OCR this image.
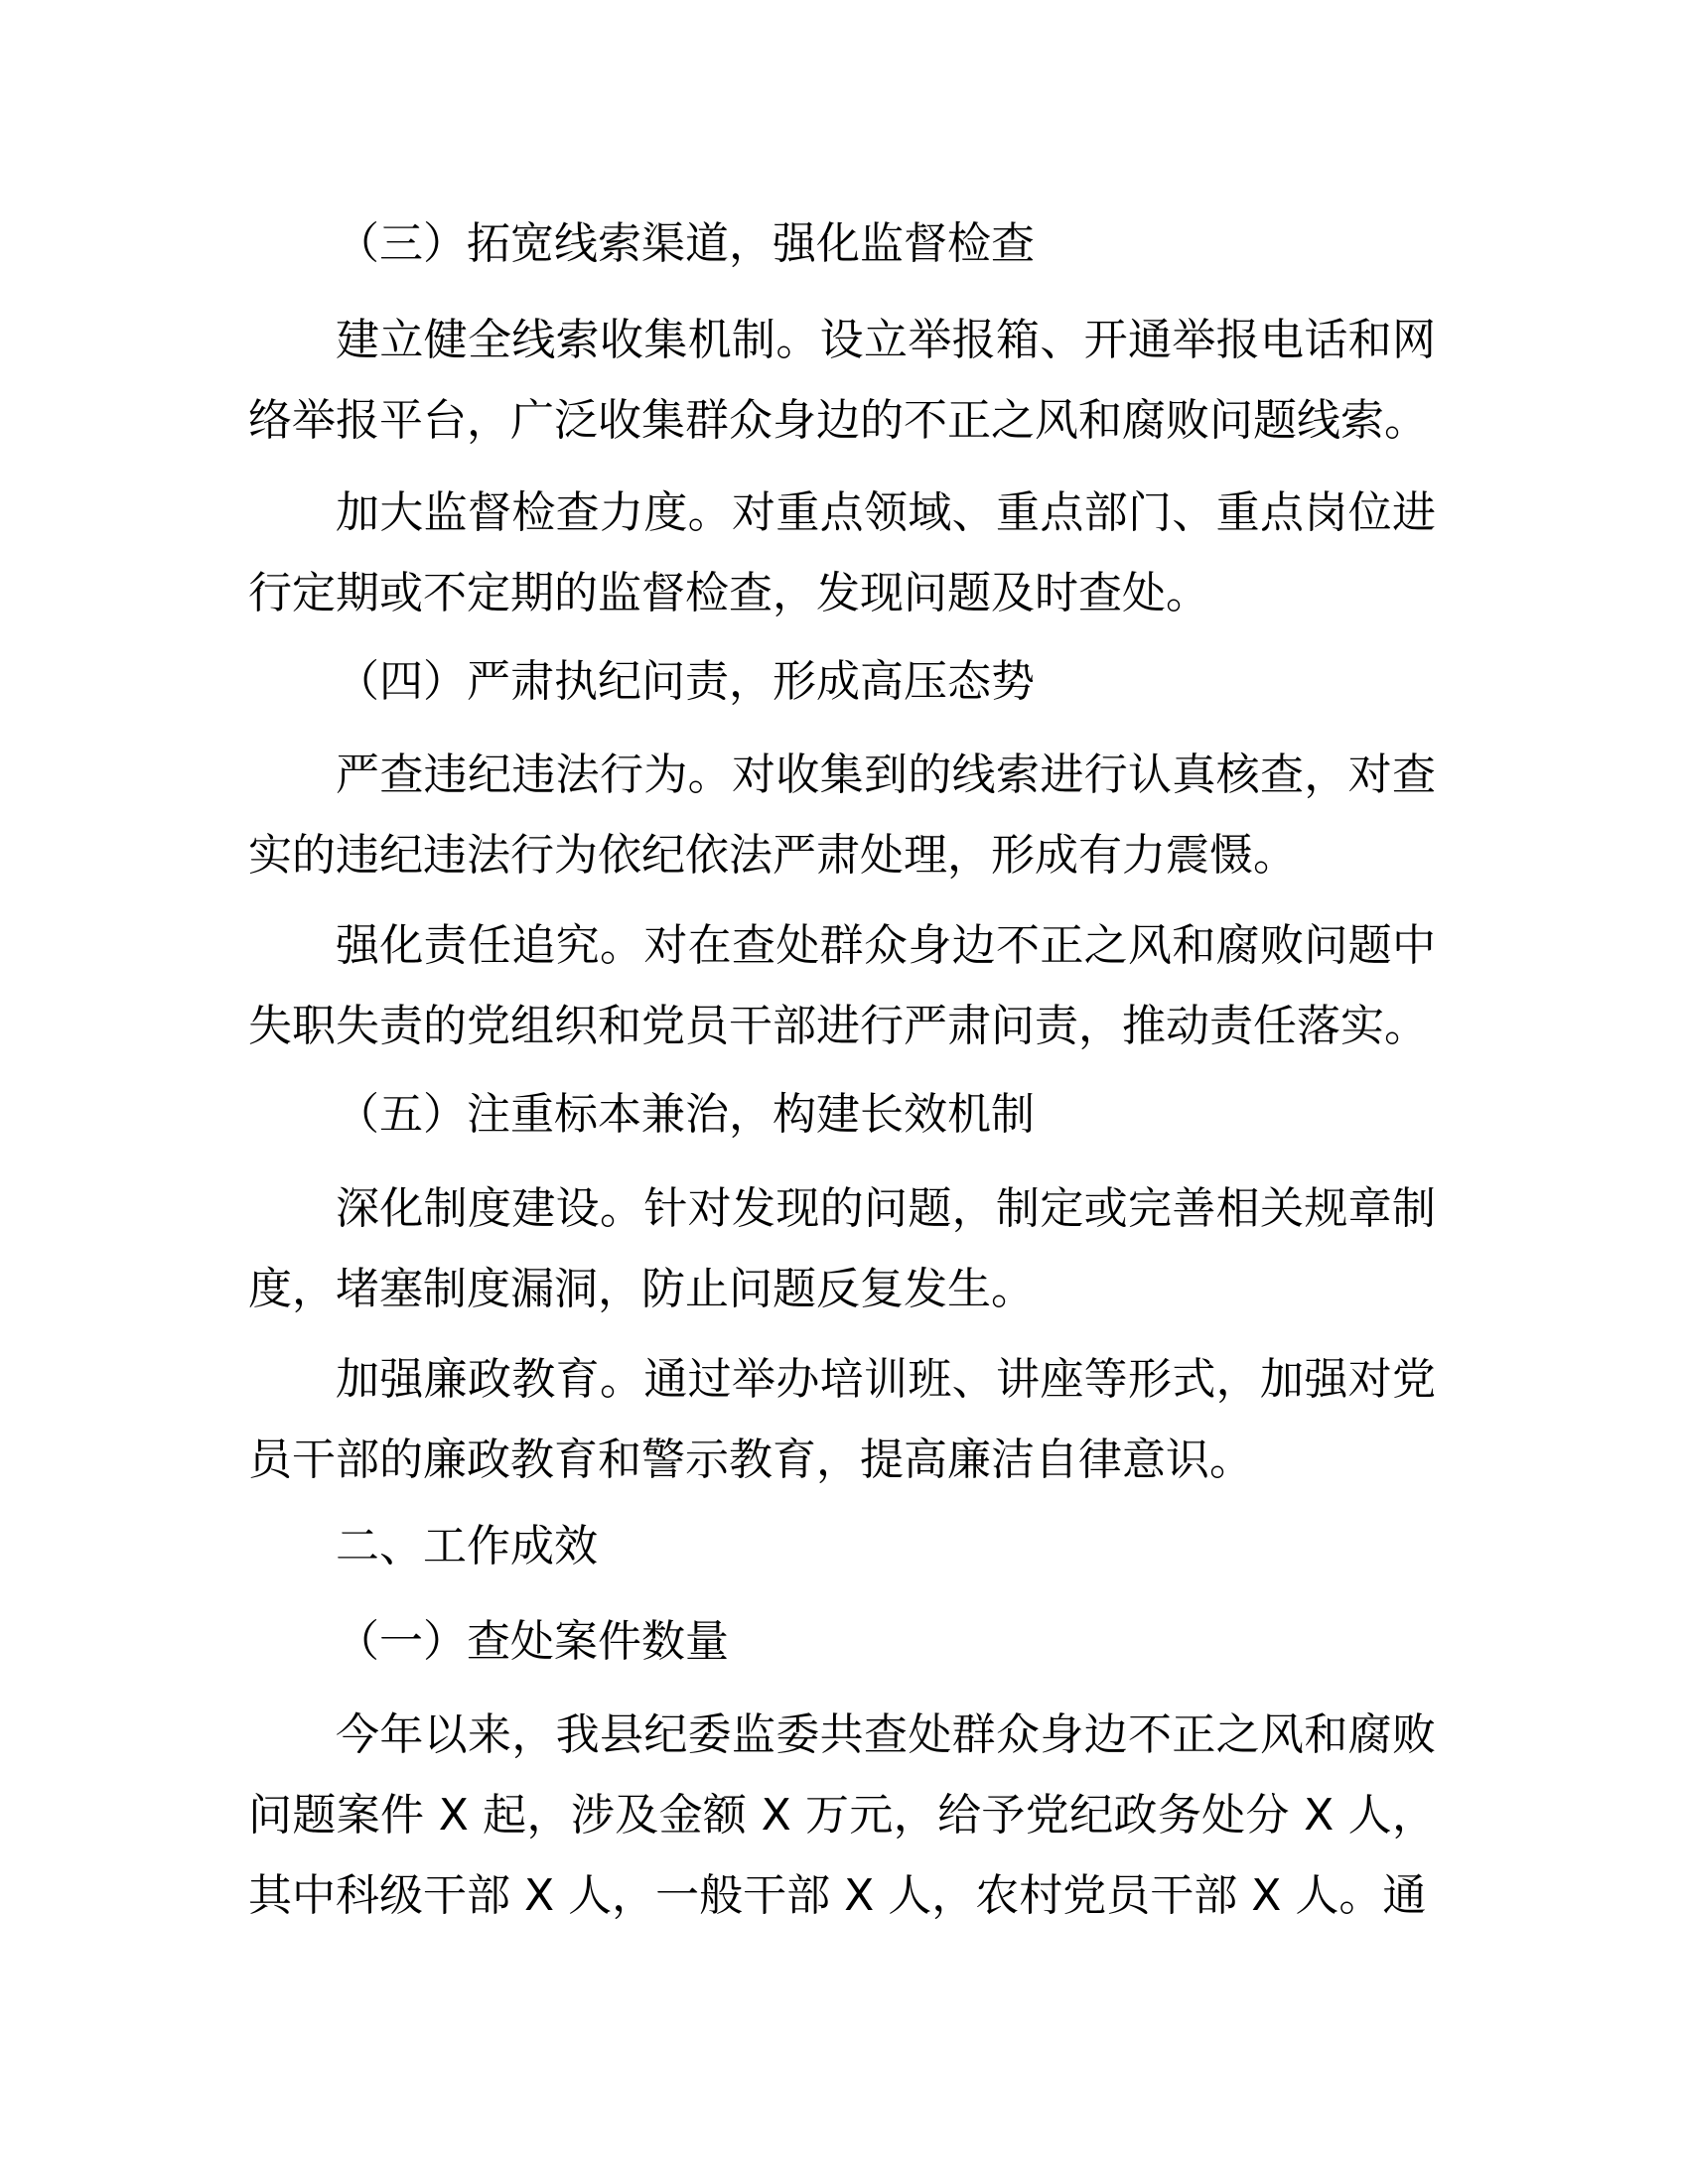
（三）拓宽线索渠道，强化监督检查

建立健全线索收集机制。设立举报箱、开通举报电话和网络举报平台，广泛收集群众身边的不正之风和腐败问题线索。

加大监督检查力度。对重点领域、重点部门、重点岗位进行定期或不定期的监督检查，发现问题及时查处。

（四）严肃执纪问责，形成高压态势

严查违纪违法行为。对收集到的线索进行认真核查，对查实的违纪违法行为依纪依法严肃处理，形成有力震慑。

强化责任追究。对在查处群众身边不正之风和腐败问题中失职失责的党组织和党员干部进行严肃问责，推动责任落实。

（五）注重标本兼治，构建长效机制

深化制度建设。针对发现的问题，制定或完善相关规章制度，堵塞制度漏洞，防止问题反复发生。

加强廉政教育。通过举办培训班、讲座等形式，加强对党员干部的廉政教育和警示教育，提高廉洁自律意识。

二、工作成效

（一）查处案件数量

今年以来，我县纪委监委共查处群众身边不正之风和腐败问题案件 X 起，涉及金额 X 万元，给予党纪政务处分 X 人，其中科级干部 X 人，一般干部 X 人，农村党员干部 X 人。通
